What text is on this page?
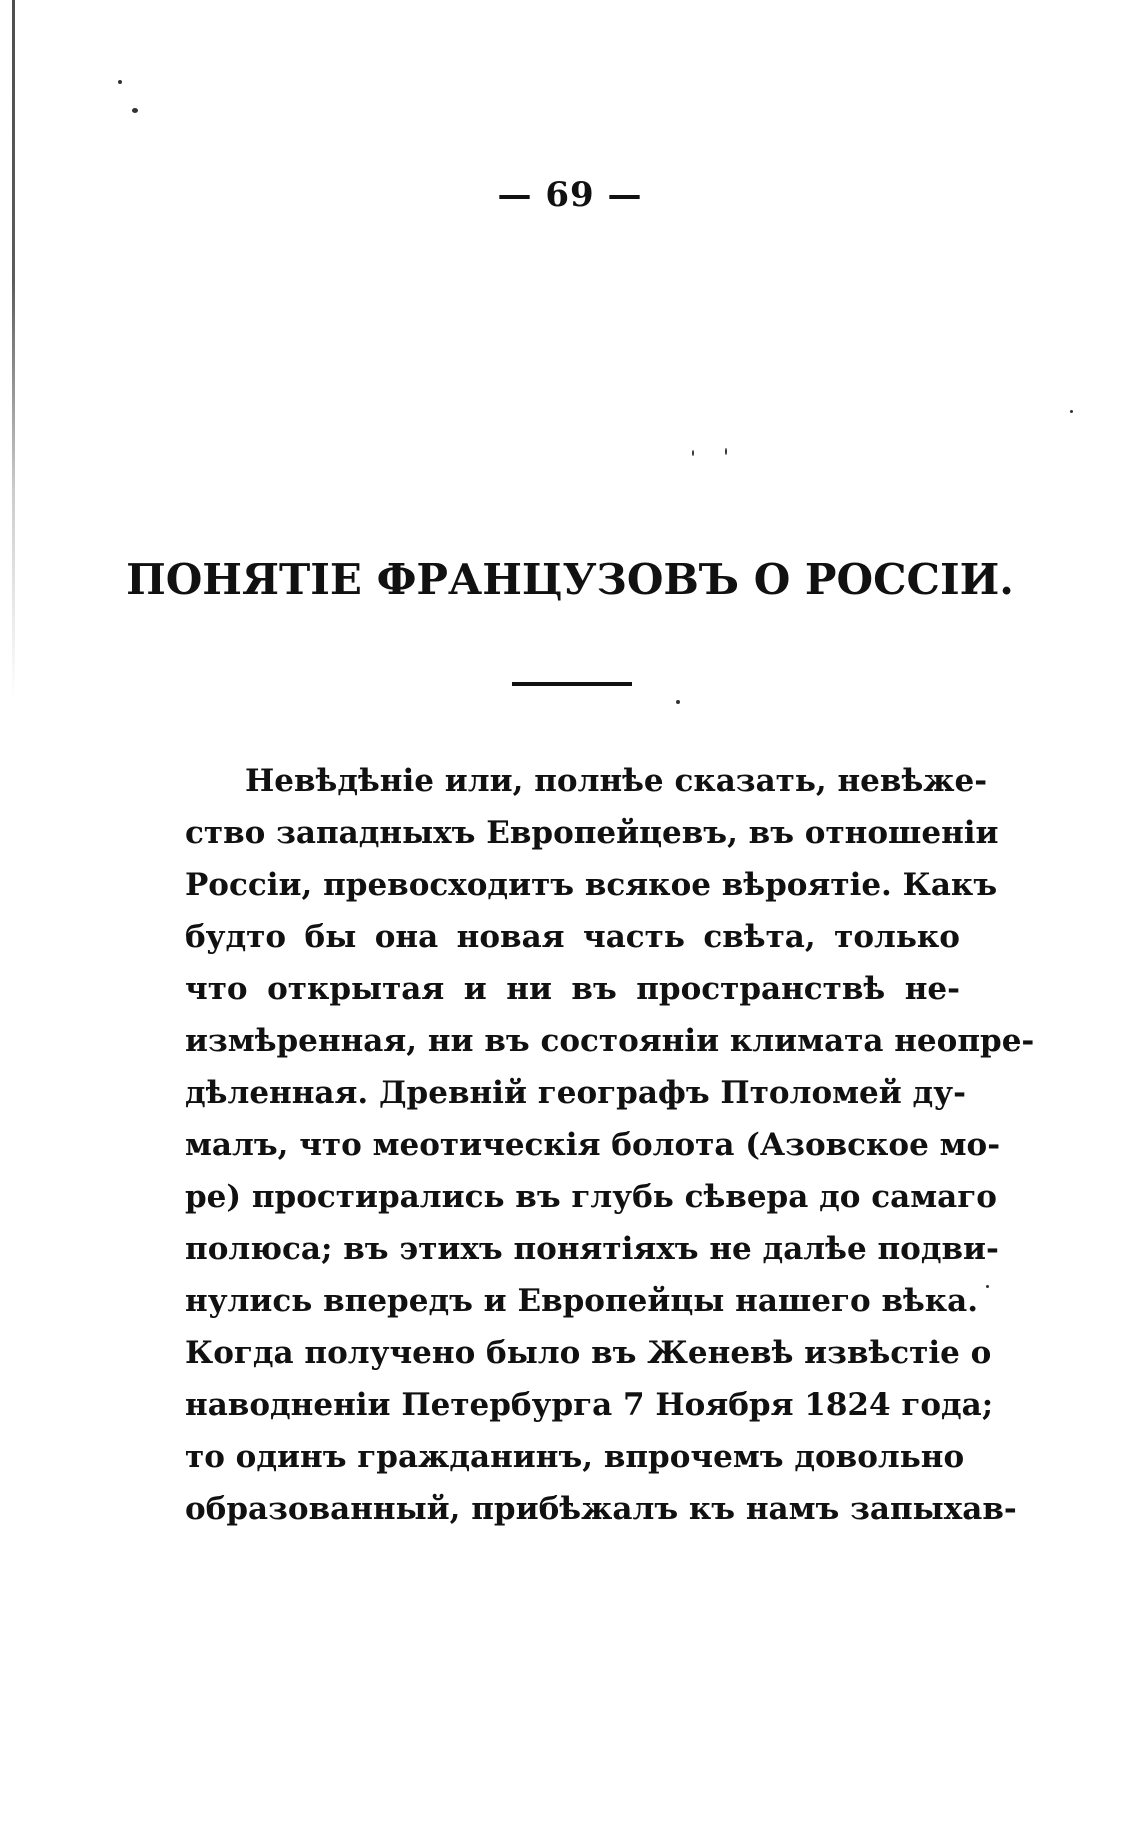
— 69 —
ПОНЯТІЕ ФРАНЦУЗОВЪ О РОССІИ.
Невѣдѣніе или, полнѣе сказать, невѣже-
ство западныхъ Европейцевъ, въ отношеніи
Россіи, превосходитъ всякое вѣроятіе. Какъ
будто бы она новая часть свѣта, только
что открытая и ни въ пространствѣ не-
измѣренная, ни въ состояніи климата неопре-
дѣленная. Древній географъ Птоломей ду-
малъ, что меотическія болота (Азовское мо-
ре) простирались въ глубь сѣвера до самаго
полюса; въ этихъ понятіяхъ не далѣе подви-
нулись впередъ и Европейцы нашего вѣка.
Когда получено было въ Женевѣ извѣстіе о
наводненіи Петербурга 7 Ноября 1824 года;
то одинъ гражданинъ, впрочемъ довольно
образованный, прибѣжалъ къ намъ запыхав-
